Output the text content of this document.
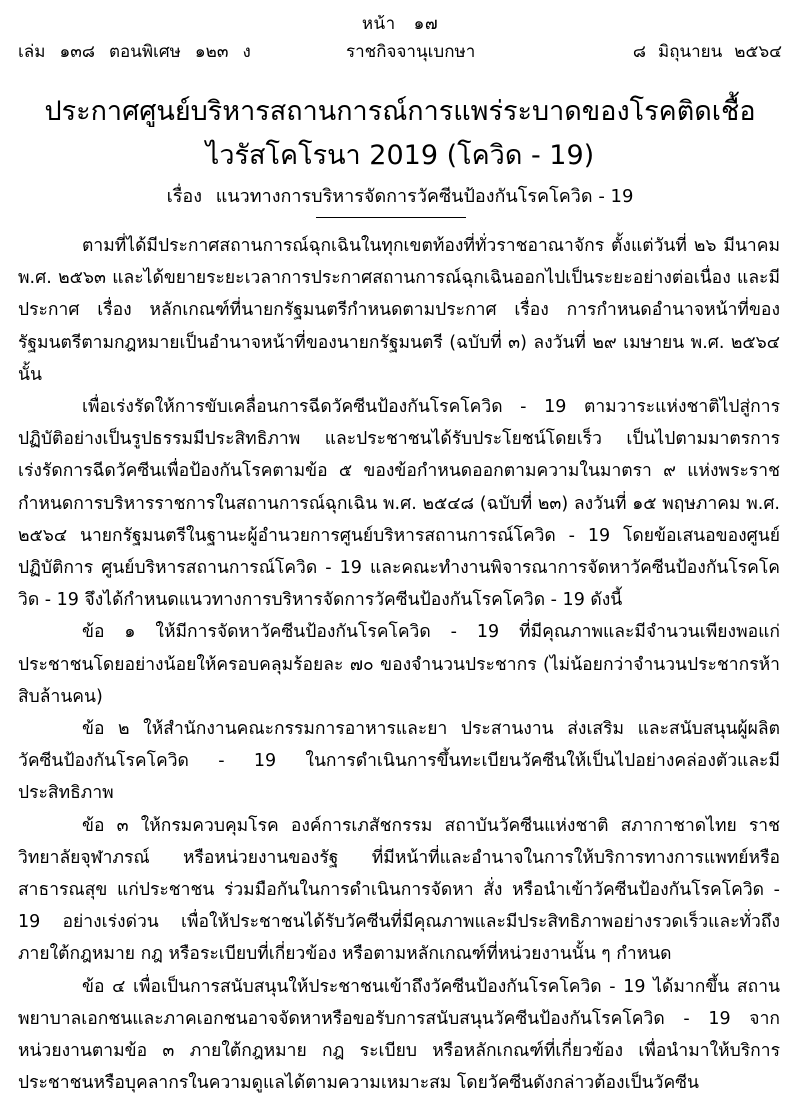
หน้า ๑๗
เล่ม ๑๓๘ ตอนพิเศษ ๑๒๓ ง	ราชกิจจานุเบกษา	๘ มิถุนายน ๒๕๖๔
ประกาศศูนย์บริหารสถานการณ์การแพร่ระบาดของโรคติดเชื้อ
ไวรัสโคโรนา 2019 (โควิด - 19)
เรื่อง แนวทางการบริหารจัดการวัคซีนป้องกันโรคโควิด - 19

ตามที่ได้มีประกาศสถานการณ์ฉุกเฉินในทุกเขตท้องที่ทั่วราชอาณาจักร ตั้งแต่วันที่ ๒๖ มีนาคม พ.ศ. ๒๕๖๓ และได้ขยายระยะเวลาการประกาศสถานการณ์ฉุกเฉินออกไปเป็นระยะอย่างต่อเนื่อง และมีประกาศ เรื่อง หลักเกณฑ์ที่นายกรัฐมนตรีกำหนดตามประกาศ เรื่อง การกำหนดอำนาจหน้าที่ของรัฐมนตรีตามกฎหมายเป็นอำนาจหน้าที่ของนายกรัฐมนตรี (ฉบับที่ ๓) ลงวันที่ ๒๙ เมษายน พ.ศ. ๒๕๖๔ นั้น

เพื่อเร่งรัดให้การขับเคลื่อนการฉีดวัคซีนป้องกันโรคโควิด - 19 ตามวาระแห่งชาติไปสู่การปฏิบัติอย่างเป็นรูปธรรมมีประสิทธิภาพ และประชาชนได้รับประโยชน์โดยเร็ว เป็นไปตามมาตรการเร่งรัดการฉีดวัคซีนเพื่อป้องกันโรคตามข้อ ๕ ของข้อกำหนดออกตามความในมาตรา ๙ แห่งพระราชกำหนดการบริหารราชการในสถานการณ์ฉุกเฉิน พ.ศ. ๒๕๔๘ (ฉบับที่ ๒๓) ลงวันที่ ๑๕ พฤษภาคม พ.ศ. ๒๕๖๔ นายกรัฐมนตรีในฐานะผู้อำนวยการศูนย์บริหารสถานการณ์โควิด - 19 โดยข้อเสนอของศูนย์ปฏิบัติการ ศูนย์บริหารสถานการณ์โควิด - 19 และคณะทำงานพิจารณาการจัดหาวัคซีนป้องกันโรคโควิด - 19 จึงได้กำหนดแนวทางการบริหารจัดการวัคซีนป้องกันโรคโควิด - 19 ดังนี้

ข้อ ๑ ให้มีการจัดหาวัคซีนป้องกันโรคโควิด - 19 ที่มีคุณภาพและมีจำนวนเพียงพอแก่ประชาชนโดยอย่างน้อยให้ครอบคลุมร้อยละ ๗๐ ของจำนวนประชากร (ไม่น้อยกว่าจำนวนประชากรห้าสิบล้านคน)

ข้อ ๒ ให้สำนักงานคณะกรรมการอาหารและยา ประสานงาน ส่งเสริม และสนับสนุนผู้ผลิตวัคซีนป้องกันโรคโควิด - 19 ในการดำเนินการขึ้นทะเบียนวัคซีนให้เป็นไปอย่างคล่องตัวและมีประสิทธิภาพ

ข้อ ๓ ให้กรมควบคุมโรค องค์การเภสัชกรรม สถาบันวัคซีนแห่งชาติ สภากาชาดไทย ราชวิทยาลัยจุฬาภรณ์ หรือหน่วยงานของรัฐ ที่มีหน้าที่และอำนาจในการให้บริการทางการแพทย์หรือสาธารณสุข แก่ประชาชน ร่วมมือกันในการดำเนินการจัดหา สั่ง หรือนำเข้าวัคซีนป้องกันโรคโควิด - 19 อย่างเร่งด่วน เพื่อให้ประชาชนได้รับวัคซีนที่มีคุณภาพและมีประสิทธิภาพอย่างรวดเร็วและทั่วถึง ภายใต้กฎหมาย กฎ หรือระเบียบที่เกี่ยวข้อง หรือตามหลักเกณฑ์ที่หน่วยงานนั้น ๆ กำหนด

ข้อ ๔ เพื่อเป็นการสนับสนุนให้ประชาชนเข้าถึงวัคซีนป้องกันโรคโควิด - 19 ได้มากขึ้น สถานพยาบาลเอกชนและภาคเอกชนอาจจัดหาหรือขอรับการสนับสนุนวัคซีนป้องกันโรคโควิด - 19 จากหน่วยงานตามข้อ ๓ ภายใต้กฎหมาย กฎ ระเบียบ หรือหลักเกณฑ์ที่เกี่ยวข้อง เพื่อนำมาให้บริการประชาชนหรือบุคลากรในความดูแลได้ตามความเหมาะสม โดยวัคซีนดังกล่าวต้องเป็นวัคซีน
